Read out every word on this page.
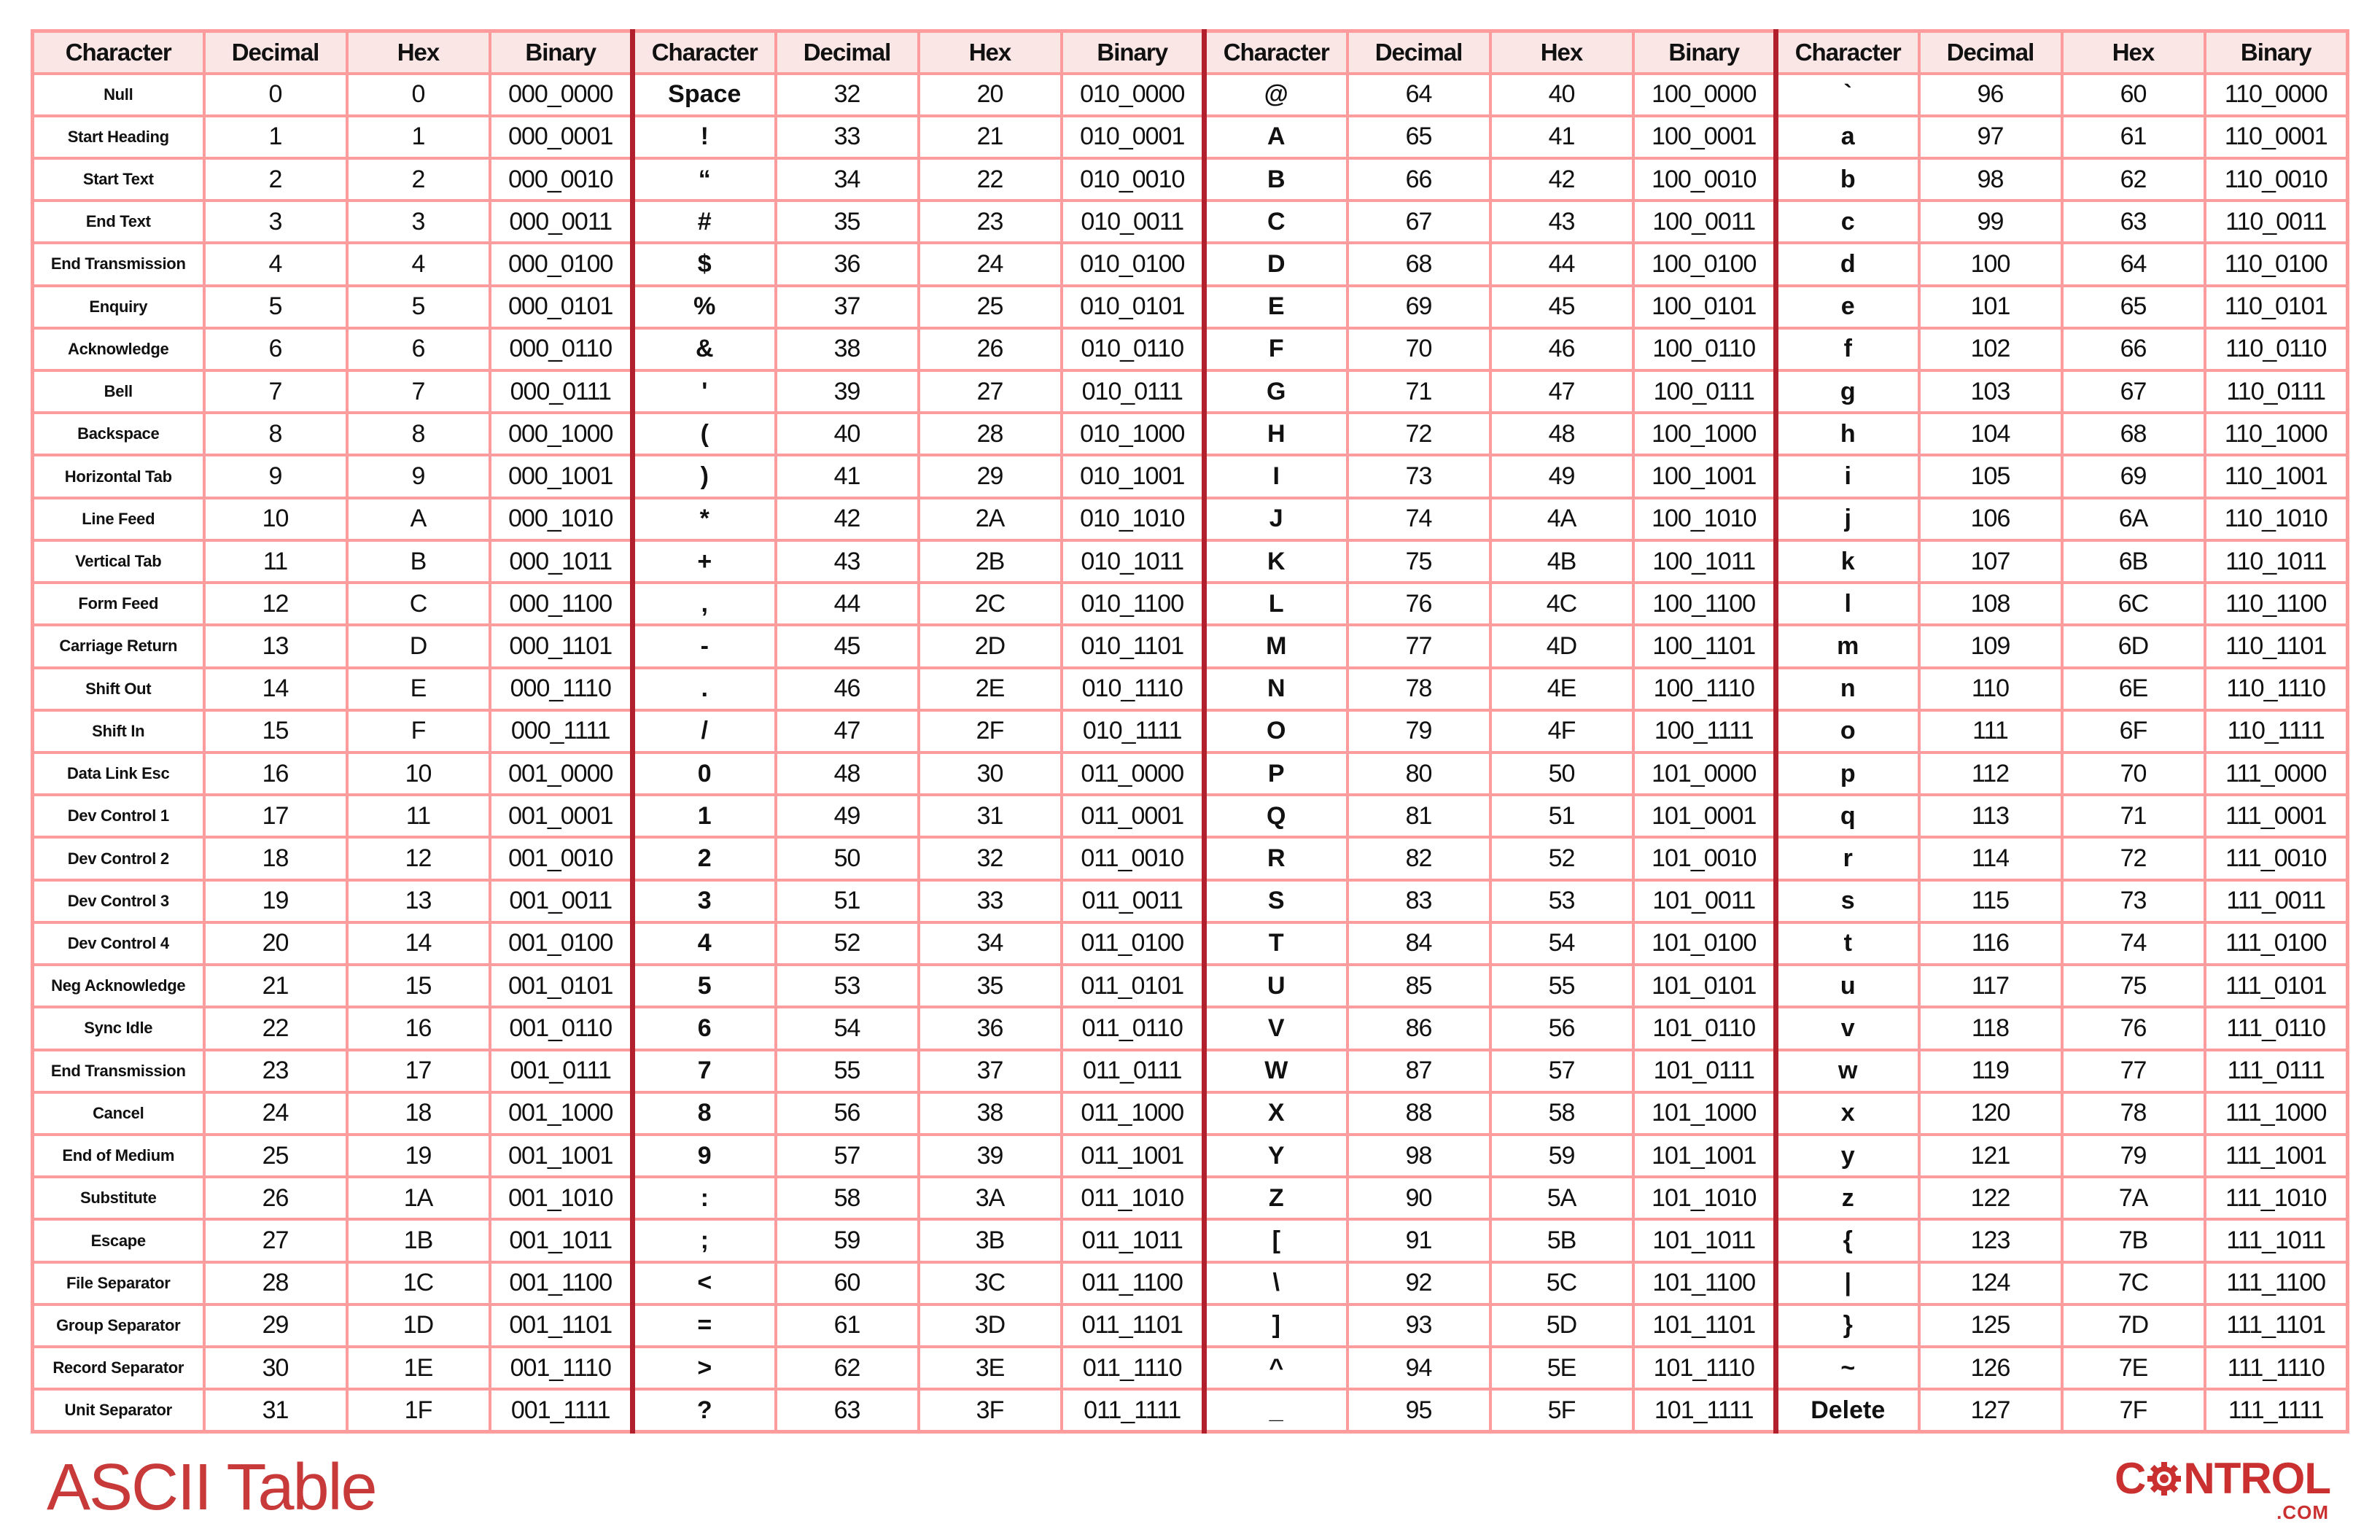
Character	Decimal	Hex	Binary	Character	Decimal	Hex	Binary	Character	Decimal	Hex	Binary	Character	Decimal	Hex	Binary
Null	0	0	000_0000	Space	32	20	010_0000	@	64	40	100_0000	`	96	60	110_0000
Start Heading	1	1	000_0001	!	33	21	010_0001	A	65	41	100_0001	a	97	61	110_0001
Start Text	2	2	000_0010	“	34	22	010_0010	B	66	42	100_0010	b	98	62	110_0010
End Text	3	3	000_0011	#	35	23	010_0011	C	67	43	100_0011	c	99	63	110_0011
End Transmission	4	4	000_0100	$	36	24	010_0100	D	68	44	100_0100	d	100	64	110_0100
Enquiry	5	5	000_0101	%	37	25	010_0101	E	69	45	100_0101	e	101	65	110_0101
Acknowledge	6	6	000_0110	&	38	26	010_0110	F	70	46	100_0110	f	102	66	110_0110
Bell	7	7	000_0111	'	39	27	010_0111	G	71	47	100_0111	g	103	67	110_0111
Backspace	8	8	000_1000	(	40	28	010_1000	H	72	48	100_1000	h	104	68	110_1000
Horizontal Tab	9	9	000_1001	)	41	29	010_1001	I	73	49	100_1001	i	105	69	110_1001
Line Feed	10	A	000_1010	*	42	2A	010_1010	J	74	4A	100_1010	j	106	6A	110_1010
Vertical Tab	11	B	000_1011	+	43	2B	010_1011	K	75	4B	100_1011	k	107	6B	110_1011
Form Feed	12	C	000_1100	,	44	2C	010_1100	L	76	4C	100_1100	l	108	6C	110_1100
Carriage Return	13	D	000_1101	-	45	2D	010_1101	M	77	4D	100_1101	m	109	6D	110_1101
Shift Out	14	E	000_1110	.	46	2E	010_1110	N	78	4E	100_1110	n	110	6E	110_1110
Shift In	15	F	000_1111	/	47	2F	010_1111	O	79	4F	100_1111	o	111	6F	110_1111
Data Link Esc	16	10	001_0000	0	48	30	011_0000	P	80	50	101_0000	p	112	70	111_0000
Dev Control 1	17	11	001_0001	1	49	31	011_0001	Q	81	51	101_0001	q	113	71	111_0001
Dev Control 2	18	12	001_0010	2	50	32	011_0010	R	82	52	101_0010	r	114	72	111_0010
Dev Control 3	19	13	001_0011	3	51	33	011_0011	S	83	53	101_0011	s	115	73	111_0011
Dev Control 4	20	14	001_0100	4	52	34	011_0100	T	84	54	101_0100	t	116	74	111_0100
Neg Acknowledge	21	15	001_0101	5	53	35	011_0101	U	85	55	101_0101	u	117	75	111_0101
Sync Idle	22	16	001_0110	6	54	36	011_0110	V	86	56	101_0110	v	118	76	111_0110
End Transmission	23	17	001_0111	7	55	37	011_0111	W	87	57	101_0111	w	119	77	111_0111
Cancel	24	18	001_1000	8	56	38	011_1000	X	88	58	101_1000	x	120	78	111_1000
End of Medium	25	19	001_1001	9	57	39	011_1001	Y	98	59	101_1001	y	121	79	111_1001
Substitute	26	1A	001_1010	:	58	3A	011_1010	Z	90	5A	101_1010	z	122	7A	111_1010
Escape	27	1B	001_1011	;	59	3B	011_1011	[	91	5B	101_1011	{	123	7B	111_1011
File Separator	28	1C	001_1100	<	60	3C	011_1100	\	92	5C	101_1100	|	124	7C	111_1100
Group Separator	29	1D	001_1101	=	61	3D	011_1101	]	93	5D	101_1101	}	125	7D	111_1101
Record Separator	30	1E	001_1110	>	62	3E	011_1110	^	94	5E	101_1110	~	126	7E	111_1110
Unit Separator	31	1F	001_1111	?	63	3F	011_1111	_	95	5F	101_1111	Delete	127	7F	111_1111
ASCII Table	C NTROL
.COM
